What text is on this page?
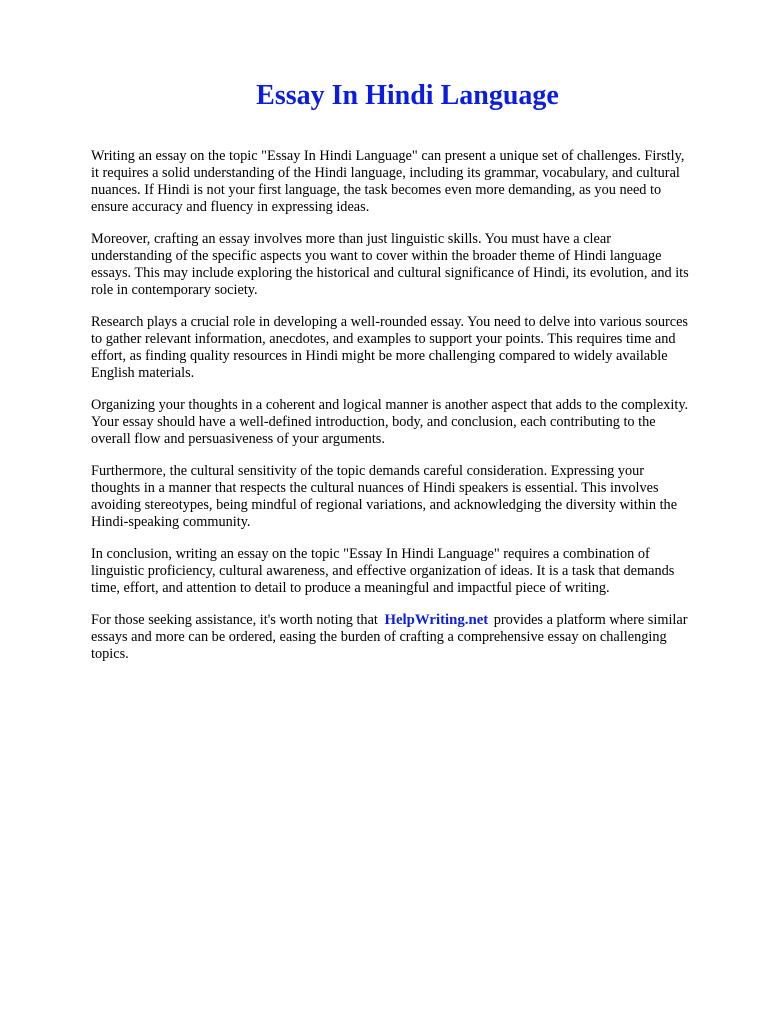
Essay In Hindi Language

Writing an essay on the topic "Essay In Hindi Language" can present a unique set of challenges. Firstly, it requires a solid understanding of the Hindi language, including its grammar, vocabulary, and cultural nuances. If Hindi is not your first language, the task becomes even more demanding, as you need to ensure accuracy and fluency in expressing ideas.

Moreover, crafting an essay involves more than just linguistic skills. You must have a clear understanding of the specific aspects you want to cover within the broader theme of Hindi language essays. This may include exploring the historical and cultural significance of Hindi, its evolution, and its role in contemporary society.

Research plays a crucial role in developing a well-rounded essay. You need to delve into various sources to gather relevant information, anecdotes, and examples to support your points. This requires time and effort, as finding quality resources in Hindi might be more challenging compared to widely available English materials.

Organizing your thoughts in a coherent and logical manner is another aspect that adds to the complexity. Your essay should have a well-defined introduction, body, and conclusion, each contributing to the overall flow and persuasiveness of your arguments.

Furthermore, the cultural sensitivity of the topic demands careful consideration. Expressing your thoughts in a manner that respects the cultural nuances of Hindi speakers is essential. This involves avoiding stereotypes, being mindful of regional variations, and acknowledging the diversity within the Hindi-speaking community.

In conclusion, writing an essay on the topic "Essay In Hindi Language" requires a combination of linguistic proficiency, cultural awareness, and effective organization of ideas. It is a task that demands time, effort, and attention to detail to produce a meaningful and impactful piece of writing.

For those seeking assistance, it's worth noting that HelpWriting.net provides a platform where similar essays and more can be ordered, easing the burden of crafting a comprehensive essay on challenging topics.
